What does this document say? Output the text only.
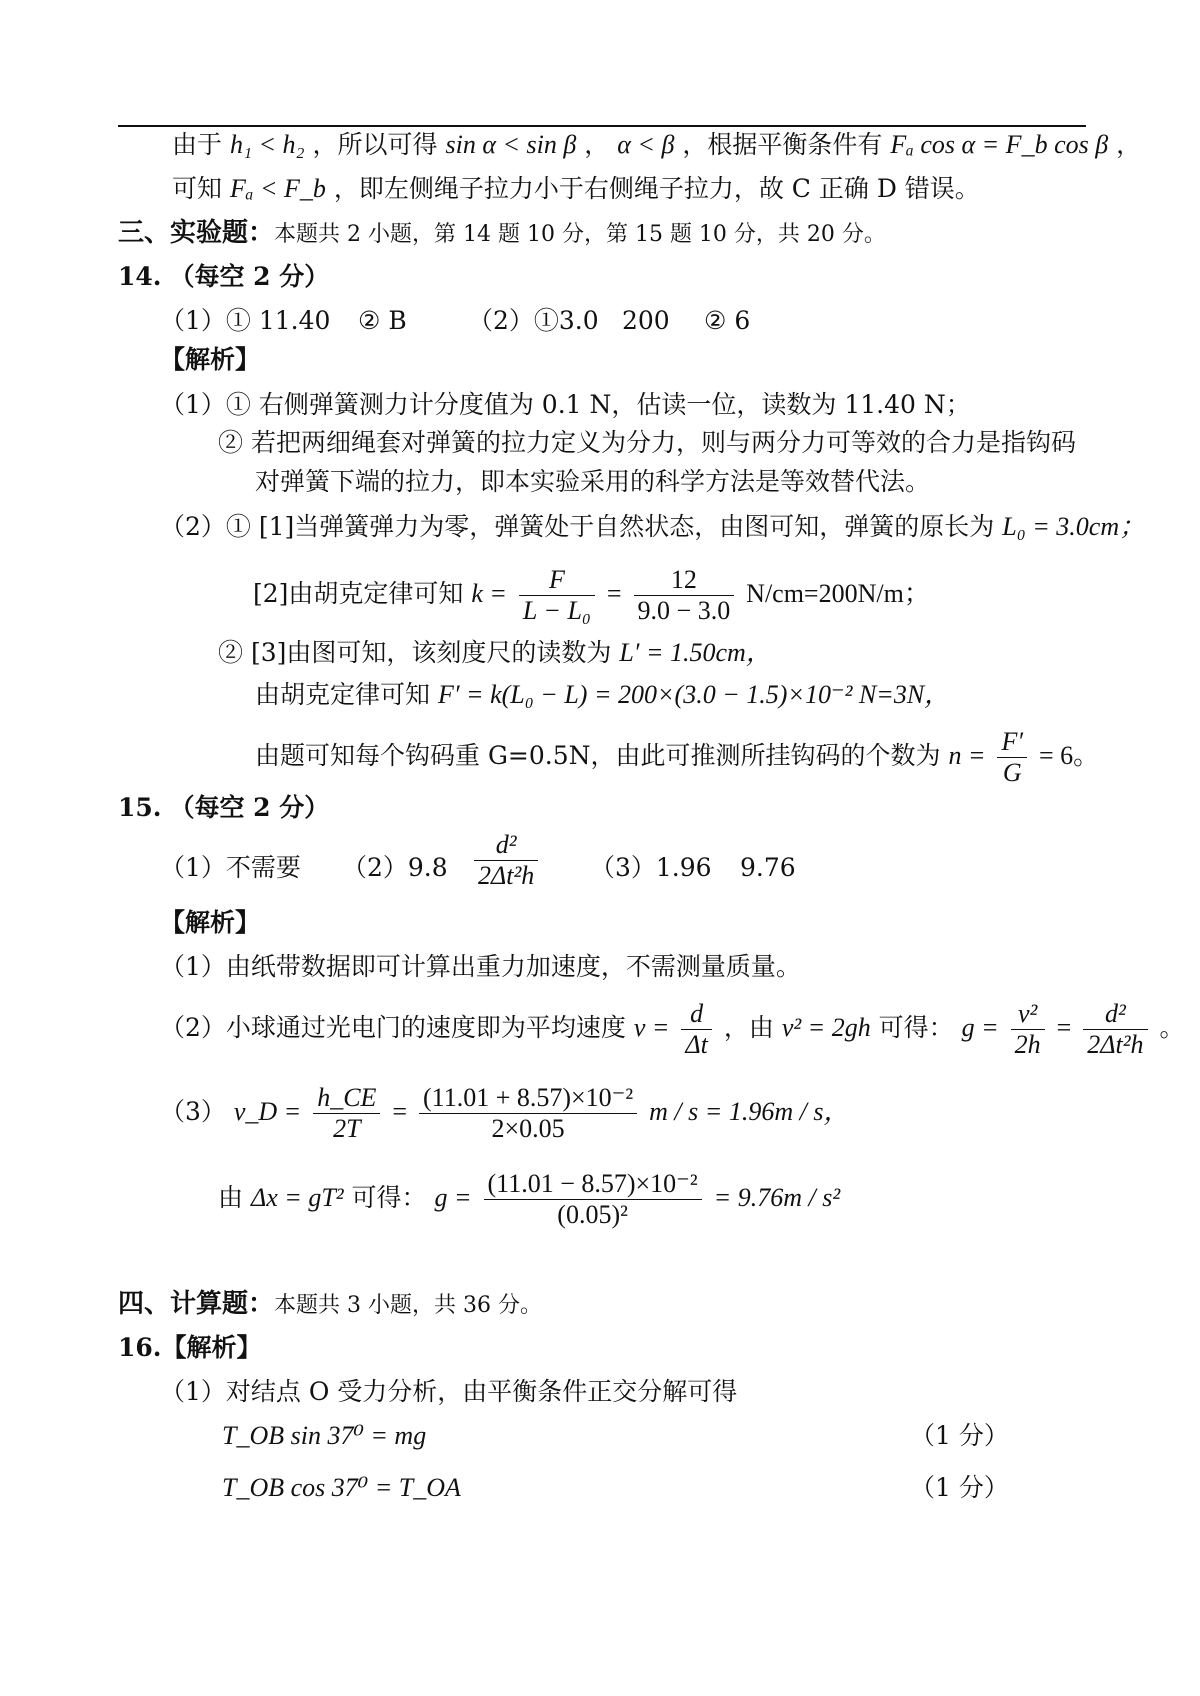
由于 h₁ < h₂ ，所以可得 sin α < sin β ， α < β ，根据平衡条件有 Fₐ cos α = F_b cos β ，
可知 Fₐ < F_b ，即左侧绳子拉力小于右侧绳子拉力，故 C 正确 D 错误。
三、实验题：本题共 2 小题，第 14 题 10 分，第 15 题 10 分，共 20 分。
14. （每空 2 分）
（1）① 11.40 ② B （2）①3.0 200 ② 6
【解析】
（1）① 右侧弹簧测力计分度值为 0.1 N，估读一位，读数为 11.40 N；
② 若把两细绳套对弹簧的拉力定义为分力，则与两分力可等效的合力是指钩码
对弹簧下端的拉力，即本实验采用的科学方法是等效替代法。
（2）① [1]当弹簧弹力为零，弹簧处于自然状态，由图可知，弹簧的原长为 L₀ = 3.0cm；
[2]由胡克定律可知 $k = \frac{F}{\text{L − L₀}} = \frac{12}{9.0 - 3.0} N/cm=200N/m$；
② [3]由图可知，该刻度尺的读数为 L′ = 1.50cm，
由胡克定律可知 F′ = k(L₀ − L) = 200×(3.0 − 1.5)×10⁻² N=3N，
由题可知每个钩码重 G=0.5N，由此可推测所挂钩码的个数为 $n = \frac{F'}{G} = 6$。
15. （每空 2 分）
（1）不需要 $(2)9.8 \frac{\text{d²}}{\text{2Δt²h}} (3)1.96$ 9.76
【解析】
（1）由纸带数据即可计算出重力加速度，不需测量质量。
（2）小球通过光电门的速度即为平均速度 $v = \frac{d}{\Delta t}$ ，由 v² = 2gh 可得： $g = \frac{\text{v²}}{2h} = \frac{\text{d²}}{\text{2Δt²h}}$ 。
（3） v_D = $\frac{h\_CE}{2T} = \frac{\text{(11.01 + 8.57)×10⁻²}}{2\times 0.05}$ m / s = 1.96m / s，
由 Δx = gT² 可得： $g = \frac{\text{(11.01 − 8.57)×10⁻²}}{\text{(0.05)²}} = 9.76m / s^2$
四、计算题：本题共 3 小题，共 36 分。
16.【解析】
（1）对结点 O 受力分析，由平衡条件正交分解可得
T_OB sin 37⁰ = mg	（1 分）
T_OB cos 37⁰ = T_OA	（1 分）
